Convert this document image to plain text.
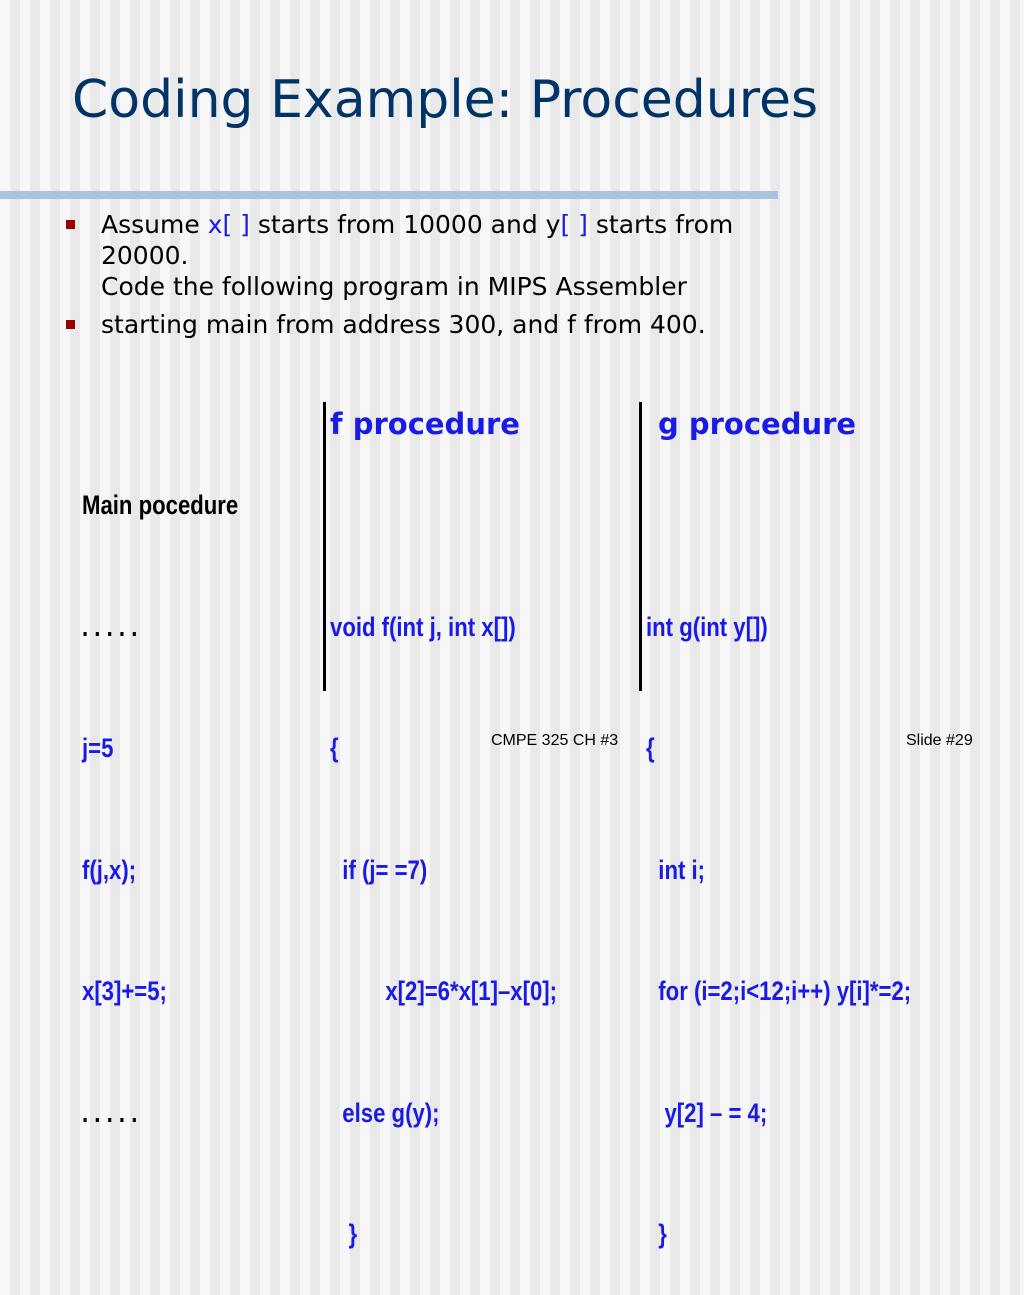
Coding Example: Procedures
Assume x[ ] starts from 10000 and y[ ] starts from
20000.
Code the following program in MIPS Assembler
starting main from address 300, and f from 400.

Main pocedure

. . . . .

j=5

f(j,x);

x[3]+=5;

. . . . .

f procedure

void f(int j, int x[])

{

if (j= =7)

x[2]=6*x[1]–x[0];

else g(y);

}

g procedure

int g(int y[])

{

int i;

for (i=2;i<12;i++) y[i]*=2;

y[2] – = 4;

}

CMPE 325 CH #3	Slide #29
